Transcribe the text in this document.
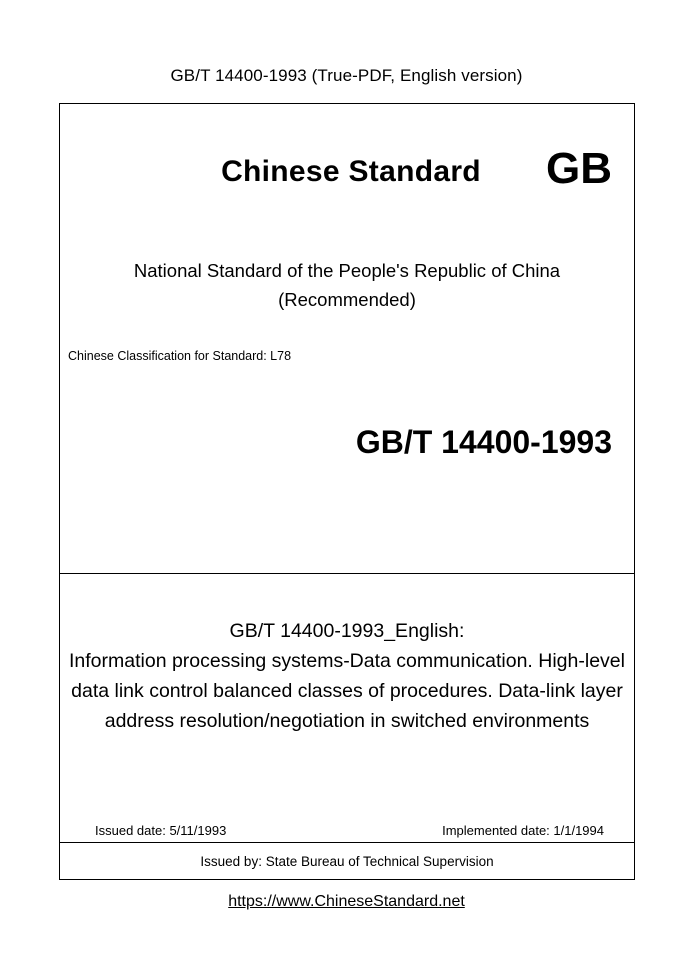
GB/T 14400-1993 (True-PDF, English version)
GB
Chinese Standard
National Standard of the People's Republic of China
(Recommended)
Chinese Classification for Standard: L78
GB/T 14400-1993
GB/T 14400-1993_English:
Information processing systems-Data communication. High-level data link control balanced classes of procedures. Data-link layer address resolution/negotiation in switched environments
Issued date: 5/11/1993	Implemented date: 1/1/1994
Issued by: State Bureau of Technical Supervision
https://www.ChineseStandard.net
